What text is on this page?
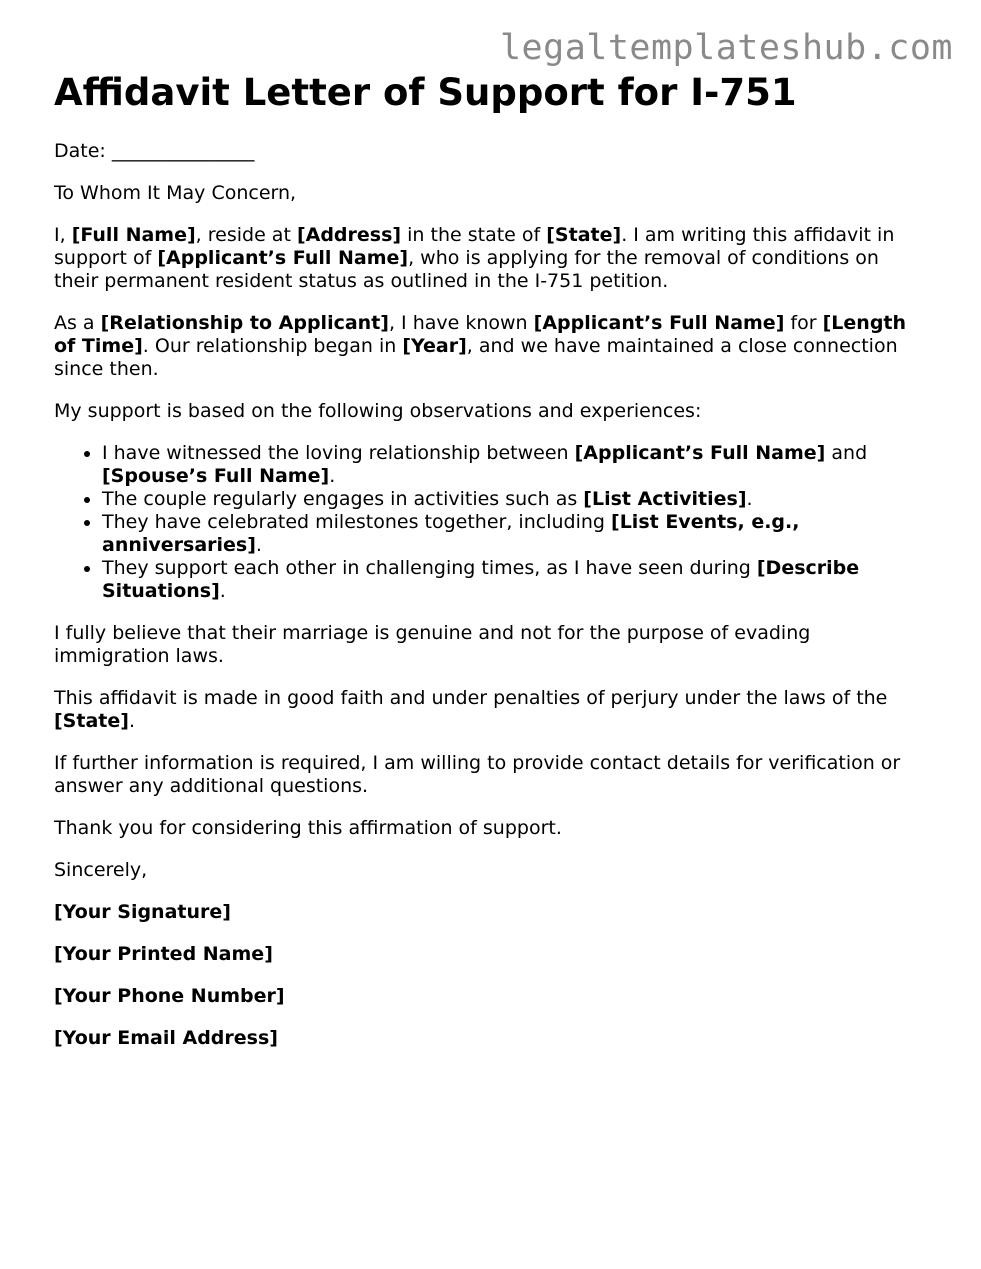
legaltemplateshub.com
Affidavit Letter of Support for I-751

Date: _______________

To Whom It May Concern,

I, [Full Name], reside at [Address] in the state of [State]. I am writing this affidavit in support of [Applicant’s Full Name], who is applying for the removal of conditions on their permanent resident status as outlined in the I-751 petition.

As a [Relationship to Applicant], I have known [Applicant’s Full Name] for [Length of Time]. Our relationship began in [Year], and we have maintained a close connection since then.

My support is based on the following observations and experiences:

• I have witnessed the loving relationship between [Applicant’s Full Name] and [Spouse’s Full Name].
• The couple regularly engages in activities such as [List Activities].
• They have celebrated milestones together, including [List Events, e.g., anniversaries].
• They support each other in challenging times, as I have seen during [Describe Situations].

I fully believe that their marriage is genuine and not for the purpose of evading immigration laws.

This affidavit is made in good faith and under penalties of perjury under the laws of the [State].

If further information is required, I am willing to provide contact details for verification or answer any additional questions.

Thank you for considering this affirmation of support.

Sincerely,

[Your Signature]

[Your Printed Name]

[Your Phone Number]

[Your Email Address]
